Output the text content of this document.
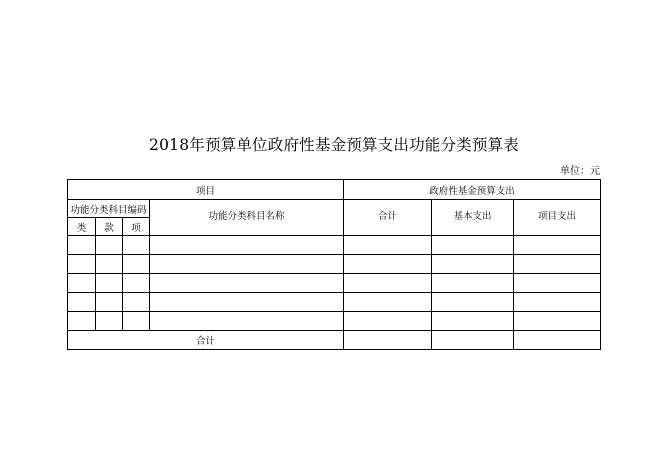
2018年预算单位政府性基金预算支出功能分类预算表
单位：元
项目				政府性基金预算支出		
功能分类科目编码			功能分类科目名称	合计	基本支出	项目支出
类	款	项				

合计						
